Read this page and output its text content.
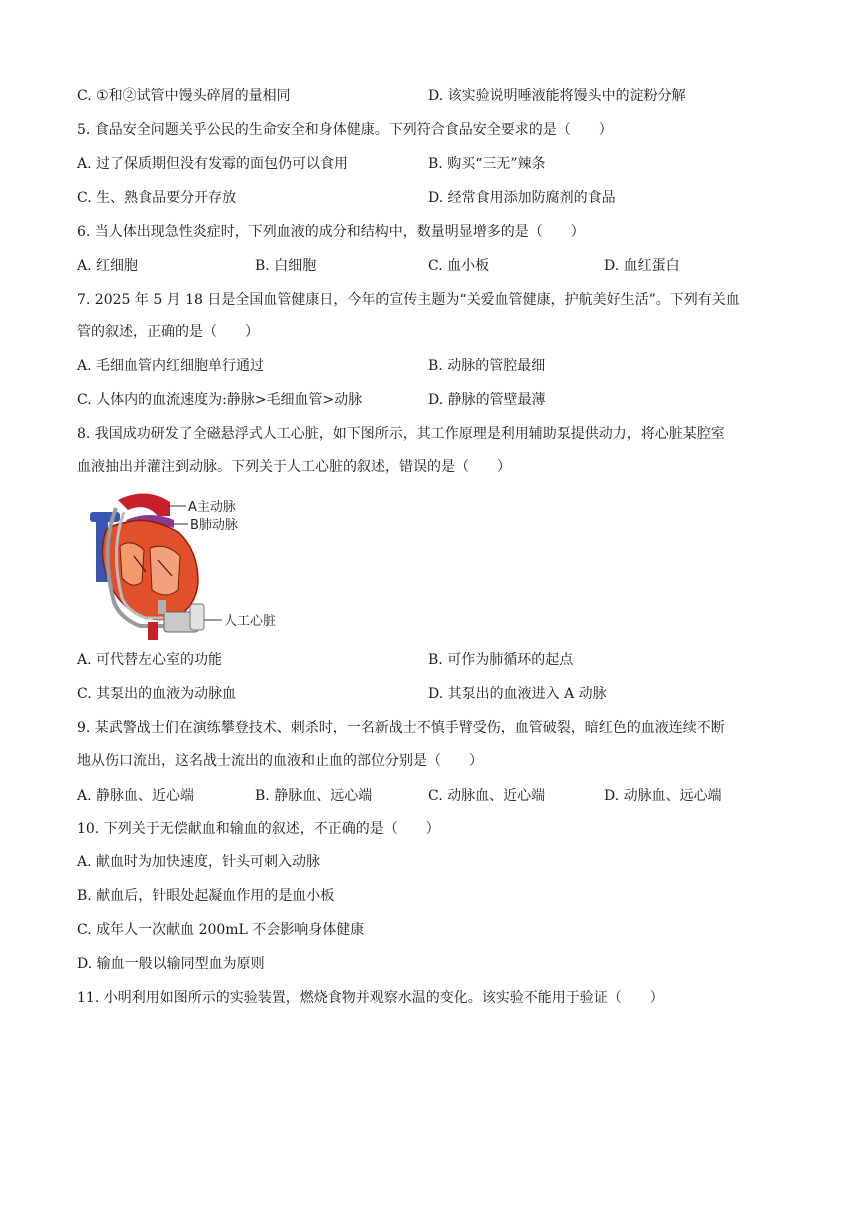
C. ①和②试管中馒头碎屑的量相同	D. 该实验说明唾液能将馒头中的淀粉分解
5. 食品安全问题关乎公民的生命安全和身体健康。下列符合食品安全要求的是（　　）
A. 过了保质期但没有发霉的面包仍可以食用	B. 购买“三无”辣条
C. 生、熟食品要分开存放	D. 经常食用添加防腐剂的食品
6. 当人体出现急性炎症时，下列血液的成分和结构中，数量明显增多的是（　　）
A. 红细胞	B. 白细胞	C. 血小板	D. 血红蛋白
7. 2025 年 5 月 18 日是全国血管健康日，今年的宣传主题为“关爱血管健康，护航美好生活”。下列有关血
管的叙述，正确的是（　　）
A. 毛细血管内红细胞单行通过	B. 动脉的管腔最细
C. 人体内的血流速度为:静脉>毛细血管>动脉	D. 静脉的管壁最薄
8. 我国成功研发了全磁悬浮式人工心脏，如下图所示，其工作原理是利用辅助泵提供动力，将心脏某腔室
血液抽出并灌注到动脉。下列关于人工心脏的叙述，错误的是（　　）
A主动脉
B肺动脉
人工心脏
A. 可代替左心室的功能	B. 可作为肺循环的起点
C. 其泵出的血液为动脉血	D. 其泵出的血液进入 A 动脉
9. 某武警战士们在演练攀登技术、刺杀时，一名新战士不慎手臂受伤，血管破裂，暗红色的血液连续不断
地从伤口流出，这名战士流出的血液和止血的部位分别是（　　）
A. 静脉血、近心端	B. 静脉血、远心端	C. 动脉血、近心端	D. 动脉血、远心端
10. 下列关于无偿献血和输血的叙述，不正确的是（　　）
A. 献血时为加快速度，针头可刺入动脉
B. 献血后，针眼处起凝血作用的是血小板
C. 成年人一次献血 200mL 不会影响身体健康
D. 输血一般以输同型血为原则
11. 小明利用如图所示的实验装置，燃烧食物并观察水温的变化。该实验不能用于验证（　　）
